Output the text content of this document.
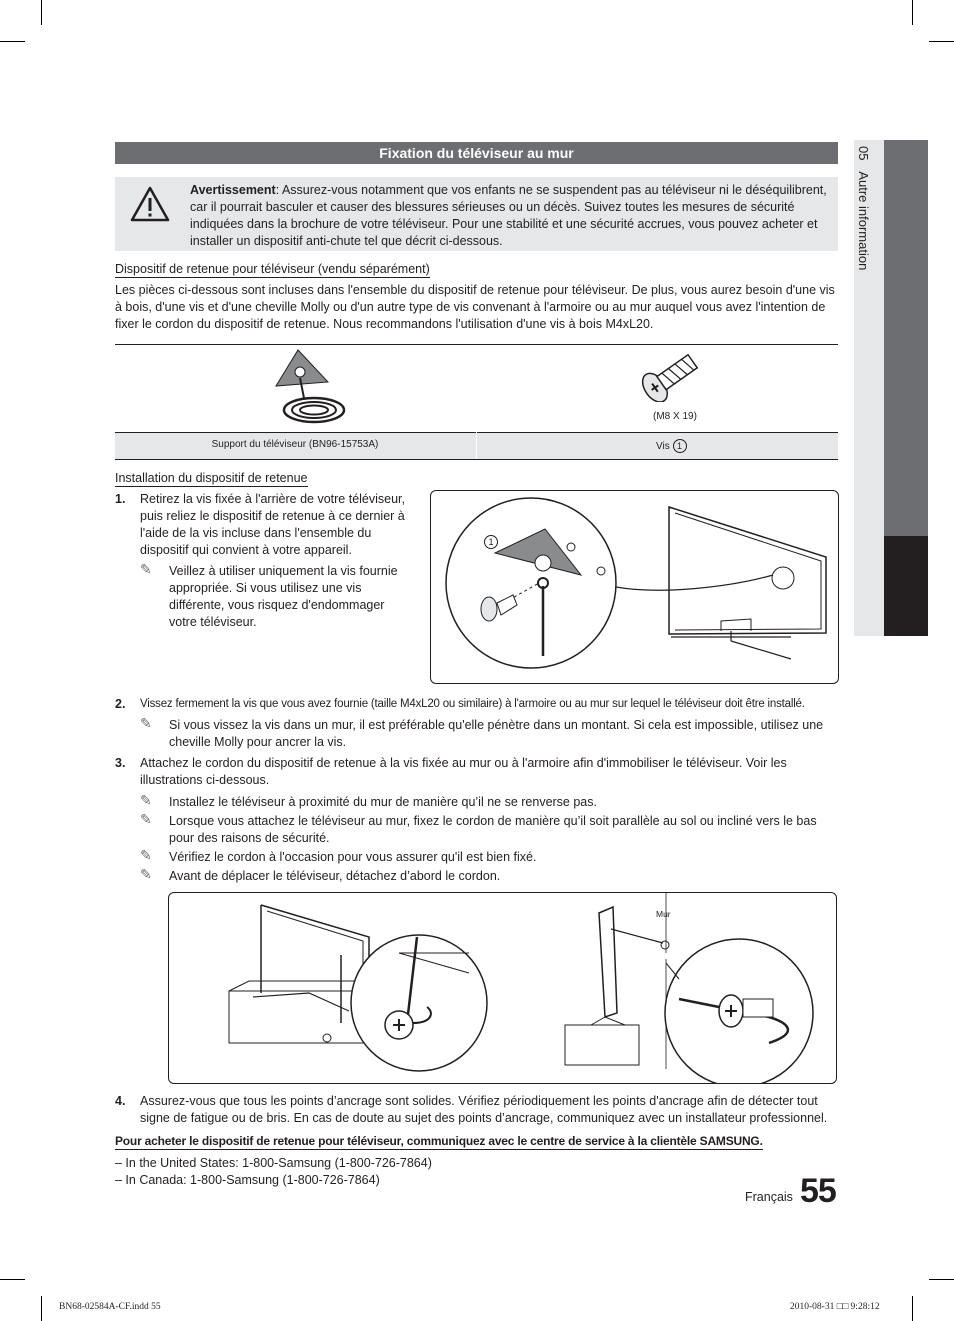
05   Autre information
Fixation du téléviseur au mur
Avertissement: Assurez-vous notamment que vos enfants ne se suspendent pas au téléviseur ni le déséquilibrent, car il pourrait basculer et causer des blessures sérieuses ou un décès. Suivez toutes les mesures de sécurité indiquées dans la brochure de votre téléviseur. Pour une stabilité et une sécurité accrues, vous pouvez acheter et installer un dispositif anti-chute tel que décrit ci-dessous.
Dispositif de retenue pour téléviseur (vendu séparément)
Les pièces ci-dessous sont incluses dans l'ensemble du dispositif de retenue pour téléviseur. De plus, vous aurez besoin d'une vis à bois, d'une vis et d'une cheville Molly ou d'un autre type de vis convenant à l'armoire ou au mur auquel vous avez l'intention de fixer le cordon du dispositif de retenue. Nous recommandons l'utilisation d'une vis à bois M4xL20.
(M8 X 19)
Support du téléviseur (BN96-15753A)	Vis 1
Installation du dispositif de retenue
1. Retirez la vis fixée à l'arrière de votre téléviseur, puis reliez le dispositif de retenue à ce dernier à l'aide de la vis incluse dans l'ensemble du dispositif qui convient à votre appareil.
✎ Veillez à utiliser uniquement la vis fournie appropriée. Si vous utilisez une vis différente, vous risquez d'endommager votre téléviseur.
1
2. Vissez fermement la vis que vous avez fournie (taille M4xL20 ou similaire) à l'armoire ou au mur sur lequel le téléviseur doit être installé.
✎ Si vous vissez la vis dans un mur, il est préférable qu'elle pénètre dans un montant. Si cela est impossible, utilisez une cheville Molly pour ancrer la vis.
3. Attachez le cordon du dispositif de retenue à la vis fixée au mur ou à l'armoire afin d'immobiliser le téléviseur. Voir les illustrations ci-dessous.
✎ Installez le téléviseur à proximité du mur de manière qu’il ne se renverse pas.
✎ Lorsque vous attachez le téléviseur au mur, fixez le cordon de manière qu’il soit parallèle au sol ou incliné vers le bas pour des raisons de sécurité.
✎ Vérifiez le cordon à l'occasion pour vous assurer qu'il est bien fixé.
✎ Avant de déplacer le téléviseur, détachez d’abord le cordon.
Mur
4. Assurez-vous que tous les points d’ancrage sont solides. Vérifiez périodiquement les points d'ancrage afin de détecter tout signe de fatigue ou de bris. En cas de doute au sujet des points d’ancrage, communiquez avec un installateur professionnel.
Pour acheter le dispositif de retenue pour téléviseur, communiquez avec le centre de service à la clientèle SAMSUNG.
– In the United States: 1-800-Samsung (1-800-726-7864)
– In Canada: 1-800-Samsung (1-800-726-7864)
Français 55
BN68-02584A-CF.indd 55	2010-08-31 □□ 9:28:12
